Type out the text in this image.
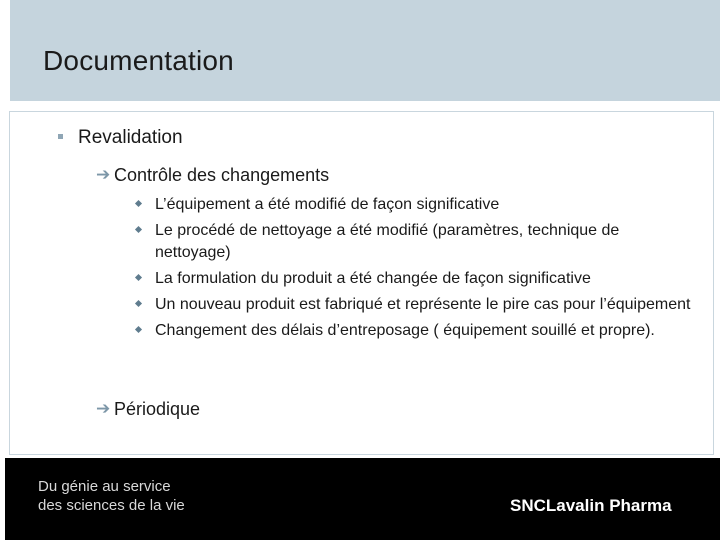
Documentation
Revalidation
➔ Contrôle des changements
L’équipement a été modifié de façon significative
Le procédé de nettoyage a été modifié (paramètres, technique de nettoyage)
La formulation du produit a été changée de façon significative
Un nouveau produit est fabriqué et représente le pire cas pour l’équipement
Changement des délais d’entreposage ( équipement souillé et propre).
➔ Périodique
Du génie au service
des sciences de la vie	SNCLavalin Pharma
